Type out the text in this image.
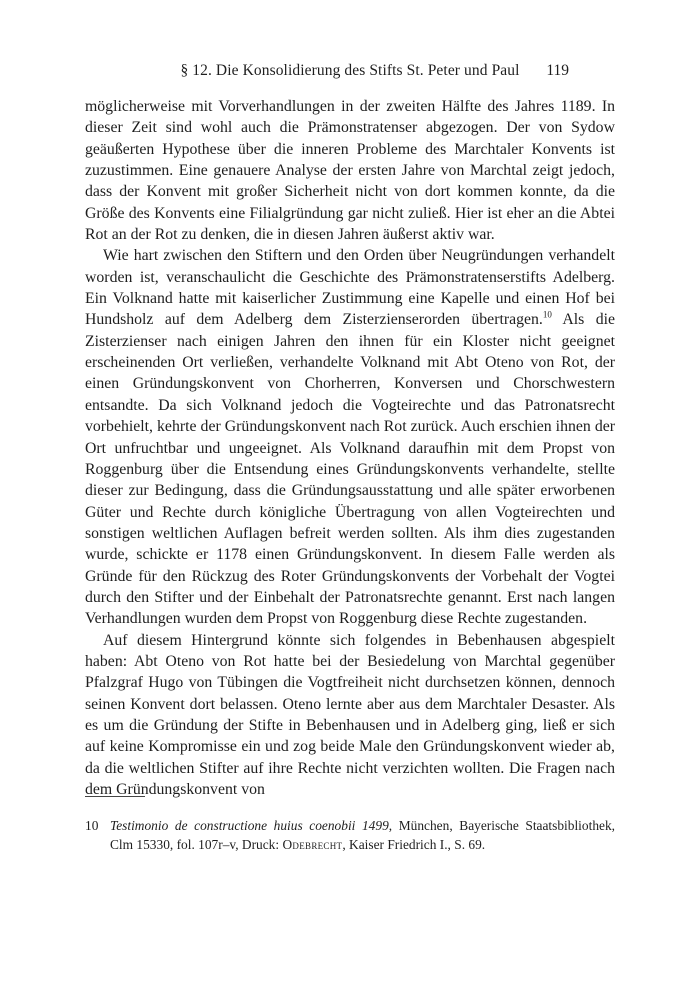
§ 12. Die Konsolidierung des Stifts St. Peter und Paul	119

möglicherweise mit Vorverhandlungen in der zweiten Hälfte des Jahres 1189. In dieser Zeit sind wohl auch die Prämonstratenser abgezogen. Der von Sydow geäußerten Hypothese über die inneren Probleme des Marchtaler Konvents ist zuzustimmen. Eine genauere Analyse der ersten Jahre von Marchtal zeigt jedoch, dass der Konvent mit großer Sicherheit nicht von dort kommen konnte, da die Größe des Konvents eine Filialgründung gar nicht zuließ. Hier ist eher an die Abtei Rot an der Rot zu denken, die in diesen Jahren äußerst aktiv war.

Wie hart zwischen den Stiftern und den Orden über Neugründungen verhandelt worden ist, veranschaulicht die Geschichte des Prämonstratenserstifts Adelberg. Ein Volknand hatte mit kaiserlicher Zustimmung eine Kapelle und einen Hof bei Hundsholz auf dem Adelberg dem Zisterzienserorden übertragen.$^{10}$ Als die Zisterzienser nach einigen Jahren den ihnen für ein Kloster nicht geeignet erscheinenden Ort verließen, verhandelte Volknand mit Abt Oteno von Rot, der einen Gründungskonvent von Chorherren, Konversen und Chorschwestern entsandte. Da sich Volknand jedoch die Vogteirechte und das Patronatsrecht vorbehielt, kehrte der Gründungskonvent nach Rot zurück. Auch erschien ihnen der Ort unfruchtbar und ungeeignet. Als Volknand daraufhin mit dem Propst von Roggenburg über die Entsendung eines Gründungskonvents verhandelte, stellte dieser zur Bedingung, dass die Gründungsausstattung und alle später erworbenen Güter und Rechte durch königliche Übertragung von allen Vogteirechten und sonstigen weltlichen Auflagen befreit werden sollten. Als ihm dies zugestanden wurde, schickte er 1178 einen Gründungskonvent. In diesem Falle werden als Gründe für den Rückzug des Roter Gründungskonvents der Vorbehalt der Vogtei durch den Stifter und der Einbehalt der Patronatsrechte genannt. Erst nach langen Verhandlungen wurden dem Propst von Roggenburg diese Rechte zugestanden.

Auf diesem Hintergrund könnte sich folgendes in Bebenhausen abgespielt haben: Abt Oteno von Rot hatte bei der Besiedelung von Marchtal gegenüber Pfalzgraf Hugo von Tübingen die Vogtfreiheit nicht durchsetzen können, dennoch seinen Konvent dort belassen. Oteno lernte aber aus dem Marchtaler Desaster. Als es um die Gründung der Stifte in Bebenhausen und in Adelberg ging, ließ er sich auf keine Kompromisse ein und zog beide Male den Gründungskonvent wieder ab, da die weltlichen Stifter auf ihre Rechte nicht verzichten wollten. Die Fragen nach dem Gründungskonvent von

10 Testimonio de constructione huius coenobii 1499, München, Bayerische Staatsbibliothek, Clm 15330, fol. 107r–v, Druck: Odebrecht, Kaiser Friedrich I., S. 69.
